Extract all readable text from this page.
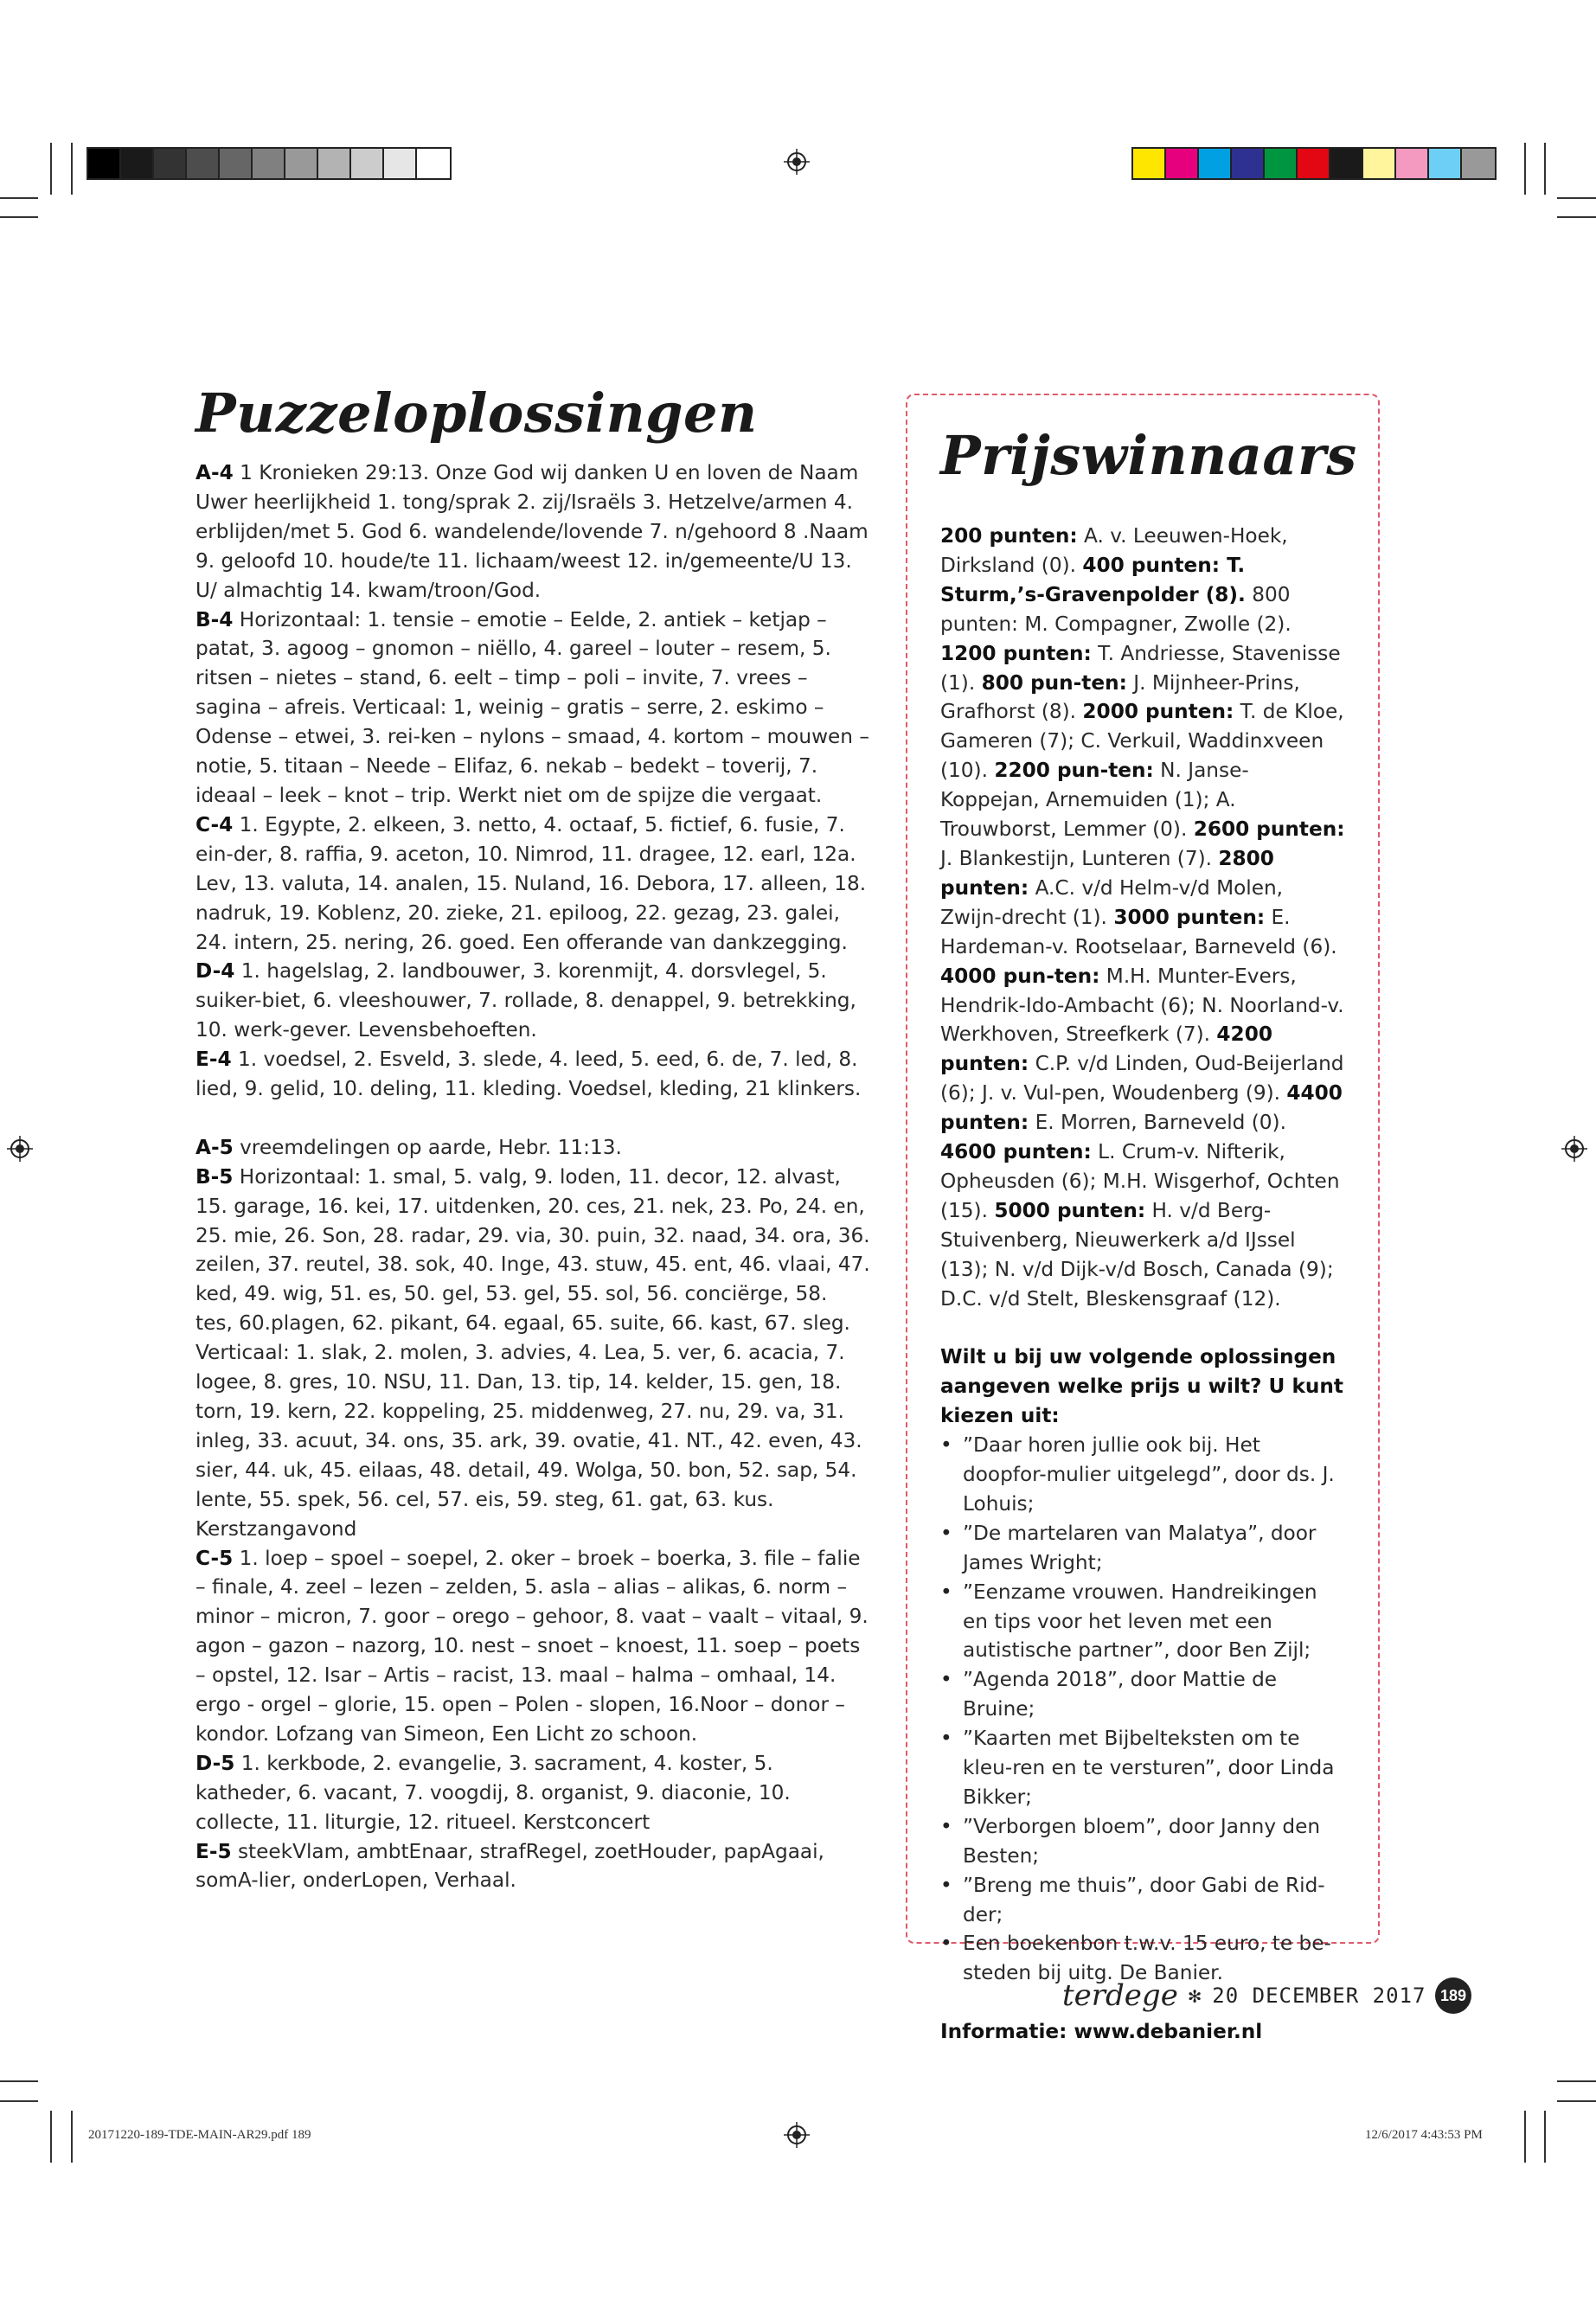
Puzzeloplossingen

A-4 1 Kronieken 29:13. Onze God wij danken U en loven de Naam Uwer heerlijkheid 1. tong/sprak 2. zij/Israëls 3. Hetzelve/armen 4. erblijden/met 5. God 6. wandelende/lovende 7. n/gehoord 8 .Naam 9. geloofd 10. houde/te 11. lichaam/weest 12. in/gemeente/U 13. U/ almachtig 14. kwam/troon/God.

B-4 Horizontaal: 1. tensie – emotie – Eelde, 2. antiek – ketjap – patat, 3. agoog – gnomon – niëllo, 4. gareel – louter – resem, 5. ritsen – nietes – stand, 6. eelt – timp – poli – invite, 7. vrees – sagina – afreis. Verticaal: 1, weinig – gratis – serre, 2. eskimo – Odense – etwei, 3. rei-ken – nylons – smaad, 4. kortom – mouwen – notie, 5. titaan – Neede – Elifaz, 6. nekab – bedekt – toverij, 7. ideaal – leek – knot – trip. Werkt niet om de spijze die vergaat.

C-4 1. Egypte, 2. elkeen, 3. netto, 4. octaaf, 5. fictief, 6. fusie, 7. ein-der, 8. raffia, 9. aceton, 10. Nimrod, 11. dragee, 12. earl, 12a. Lev, 13. valuta, 14. analen, 15. Nuland, 16. Debora, 17. alleen, 18. nadruk, 19. Koblenz, 20. zieke, 21. epiloog, 22. gezag, 23. galei, 24. intern, 25. nering, 26. goed. Een offerande van dankzegging.

D-4 1. hagelslag, 2. landbouwer, 3. korenmijt, 4. dorsvlegel, 5. suiker-biet, 6. vleeshouwer, 7. rollade, 8. denappel, 9. betrekking, 10. werk-gever. Levensbehoeften.

E-4 1. voedsel, 2. Esveld, 3. slede, 4. leed, 5. eed, 6. de, 7. led, 8. lied, 9. gelid, 10. deling, 11. kleding. Voedsel, kleding, 21 klinkers.

A-5 vreemdelingen op aarde, Hebr. 11:13.

B-5 Horizontaal: 1. smal, 5. valg, 9. loden, 11. decor, 12. alvast, 15. garage, 16. kei, 17. uitdenken, 20. ces, 21. nek, 23. Po, 24. en, 25. mie, 26. Son, 28. radar, 29. via, 30. puin, 32. naad, 34. ora, 36. zeilen, 37. reutel, 38. sok, 40. Inge, 43. stuw, 45. ent, 46. vlaai, 47. ked, 49. wig, 51. es, 50. gel, 53. gel, 55. sol, 56. conciërge, 58. tes, 60.plagen, 62. pikant, 64. egaal, 65. suite, 66. kast, 67. sleg. Verticaal: 1. slak, 2. molen, 3. advies, 4. Lea, 5. ver, 6. acacia, 7. logee, 8. gres, 10. NSU, 11. Dan, 13. tip, 14. kelder, 15. gen, 18. torn, 19. kern, 22. koppeling, 25. middenweg, 27. nu, 29. va, 31. inleg, 33. acuut, 34. ons, 35. ark, 39. ovatie, 41. NT., 42. even, 43. sier, 44. uk, 45. eilaas, 48. detail, 49. Wolga, 50. bon, 52. sap, 54. lente, 55. spek, 56. cel, 57. eis, 59. steg, 61. gat, 63. kus. Kerstzangavond

C-5 1. loep – spoel – soepel, 2. oker – broek – boerka, 3. file – falie – finale, 4. zeel – lezen – zelden, 5. asla – alias – alikas, 6. norm – minor – micron, 7. goor – orego – gehoor, 8. vaat – vaalt – vitaal, 9. agon – gazon – nazorg, 10. nest – snoet – knoest, 11. soep – poets – opstel, 12. Isar – Artis – racist, 13. maal – halma – omhaal, 14. ergo - orgel – glorie, 15. open – Polen - slopen, 16.Noor – donor – kondor. Lofzang van Simeon, Een Licht zo schoon.

D-5 1. kerkbode, 2. evangelie, 3. sacrament, 4. koster, 5. katheder, 6. vacant, 7. voogdij, 8. organist, 9. diaconie, 10. collecte, 11. liturgie, 12. ritueel. Kerstconcert

E-5 steekVlam, ambtEnaar, strafRegel, zoetHouder, papAgaai, somA-lier, onderLopen, Verhaal.

Prijswinnaars

200 punten: A. v. Leeuwen-Hoek, Dirksland (0). 400 punten: T. Sturm,’s-Gravenpolder (8). 800 punten: M. Compagner, Zwolle (2). 1200 punten: T. Andriesse, Stavenisse (1). 800 pun-ten: J. Mijnheer-Prins, Grafhorst (8). 2000 punten: T. de Kloe, Gameren (7); C. Verkuil, Waddinxveen (10). 2200 pun-ten: N. Janse-Koppejan, Arnemuiden (1); A. Trouwborst, Lemmer (0). 2600 punten: J. Blankestijn, Lunteren (7). 2800 punten: A.C. v/d Helm-v/d Molen, Zwijn-drecht (1). 3000 punten: E. Hardeman-v. Rootselaar, Barneveld (6). 4000 pun-ten: M.H. Munter-Evers, Hendrik-Ido-Ambacht (6); N. Noorland-v. Werkhoven, Streefkerk (7). 4200 punten: C.P. v/d Linden, Oud-Beijerland (6); J. v. Vul-pen, Woudenberg (9). 4400 punten: E. Morren, Barneveld (0). 4600 punten: L. Crum-v. Nifterik, Opheusden (6); M.H. Wisgerhof, Ochten (15). 5000 punten: H. v/d Berg-Stuivenberg, Nieuwerkerk a/d IJssel (13); N. v/d Dijk-v/d Bosch, Canada (9); D.C. v/d Stelt, Bleskensgraaf (12).

Wilt u bij uw volgende oplossingen aangeven welke prijs u wilt? U kunt kiezen uit:

• ”Daar horen jullie ook bij. Het doopfor-mulier uitgelegd”, door ds. J. Lohuis;
• ”De martelaren van Malatya”, door James Wright;
• ”Eenzame vrouwen. Handreikingen en tips voor het leven met een autistische partner”, door Ben Zijl;
• ”Agenda 2018”, door Mattie de Bruine;
• ”Kaarten met Bijbelteksten om te kleu-ren en te versturen”, door Linda Bikker;
• ”Verborgen bloem”, door Janny den Besten;
• ”Breng me thuis”, door Gabi de Rid-der;
• Een boekenbon t.w.v. 15 euro, te be-steden bij uitg. De Banier.

Informatie: www.debanier.nl

terdege ✻ 20 DECEMBER 2017 189
20171220-189-TDE-MAIN-AR29.pdf 189	12/6/2017 4:43:53 PM
